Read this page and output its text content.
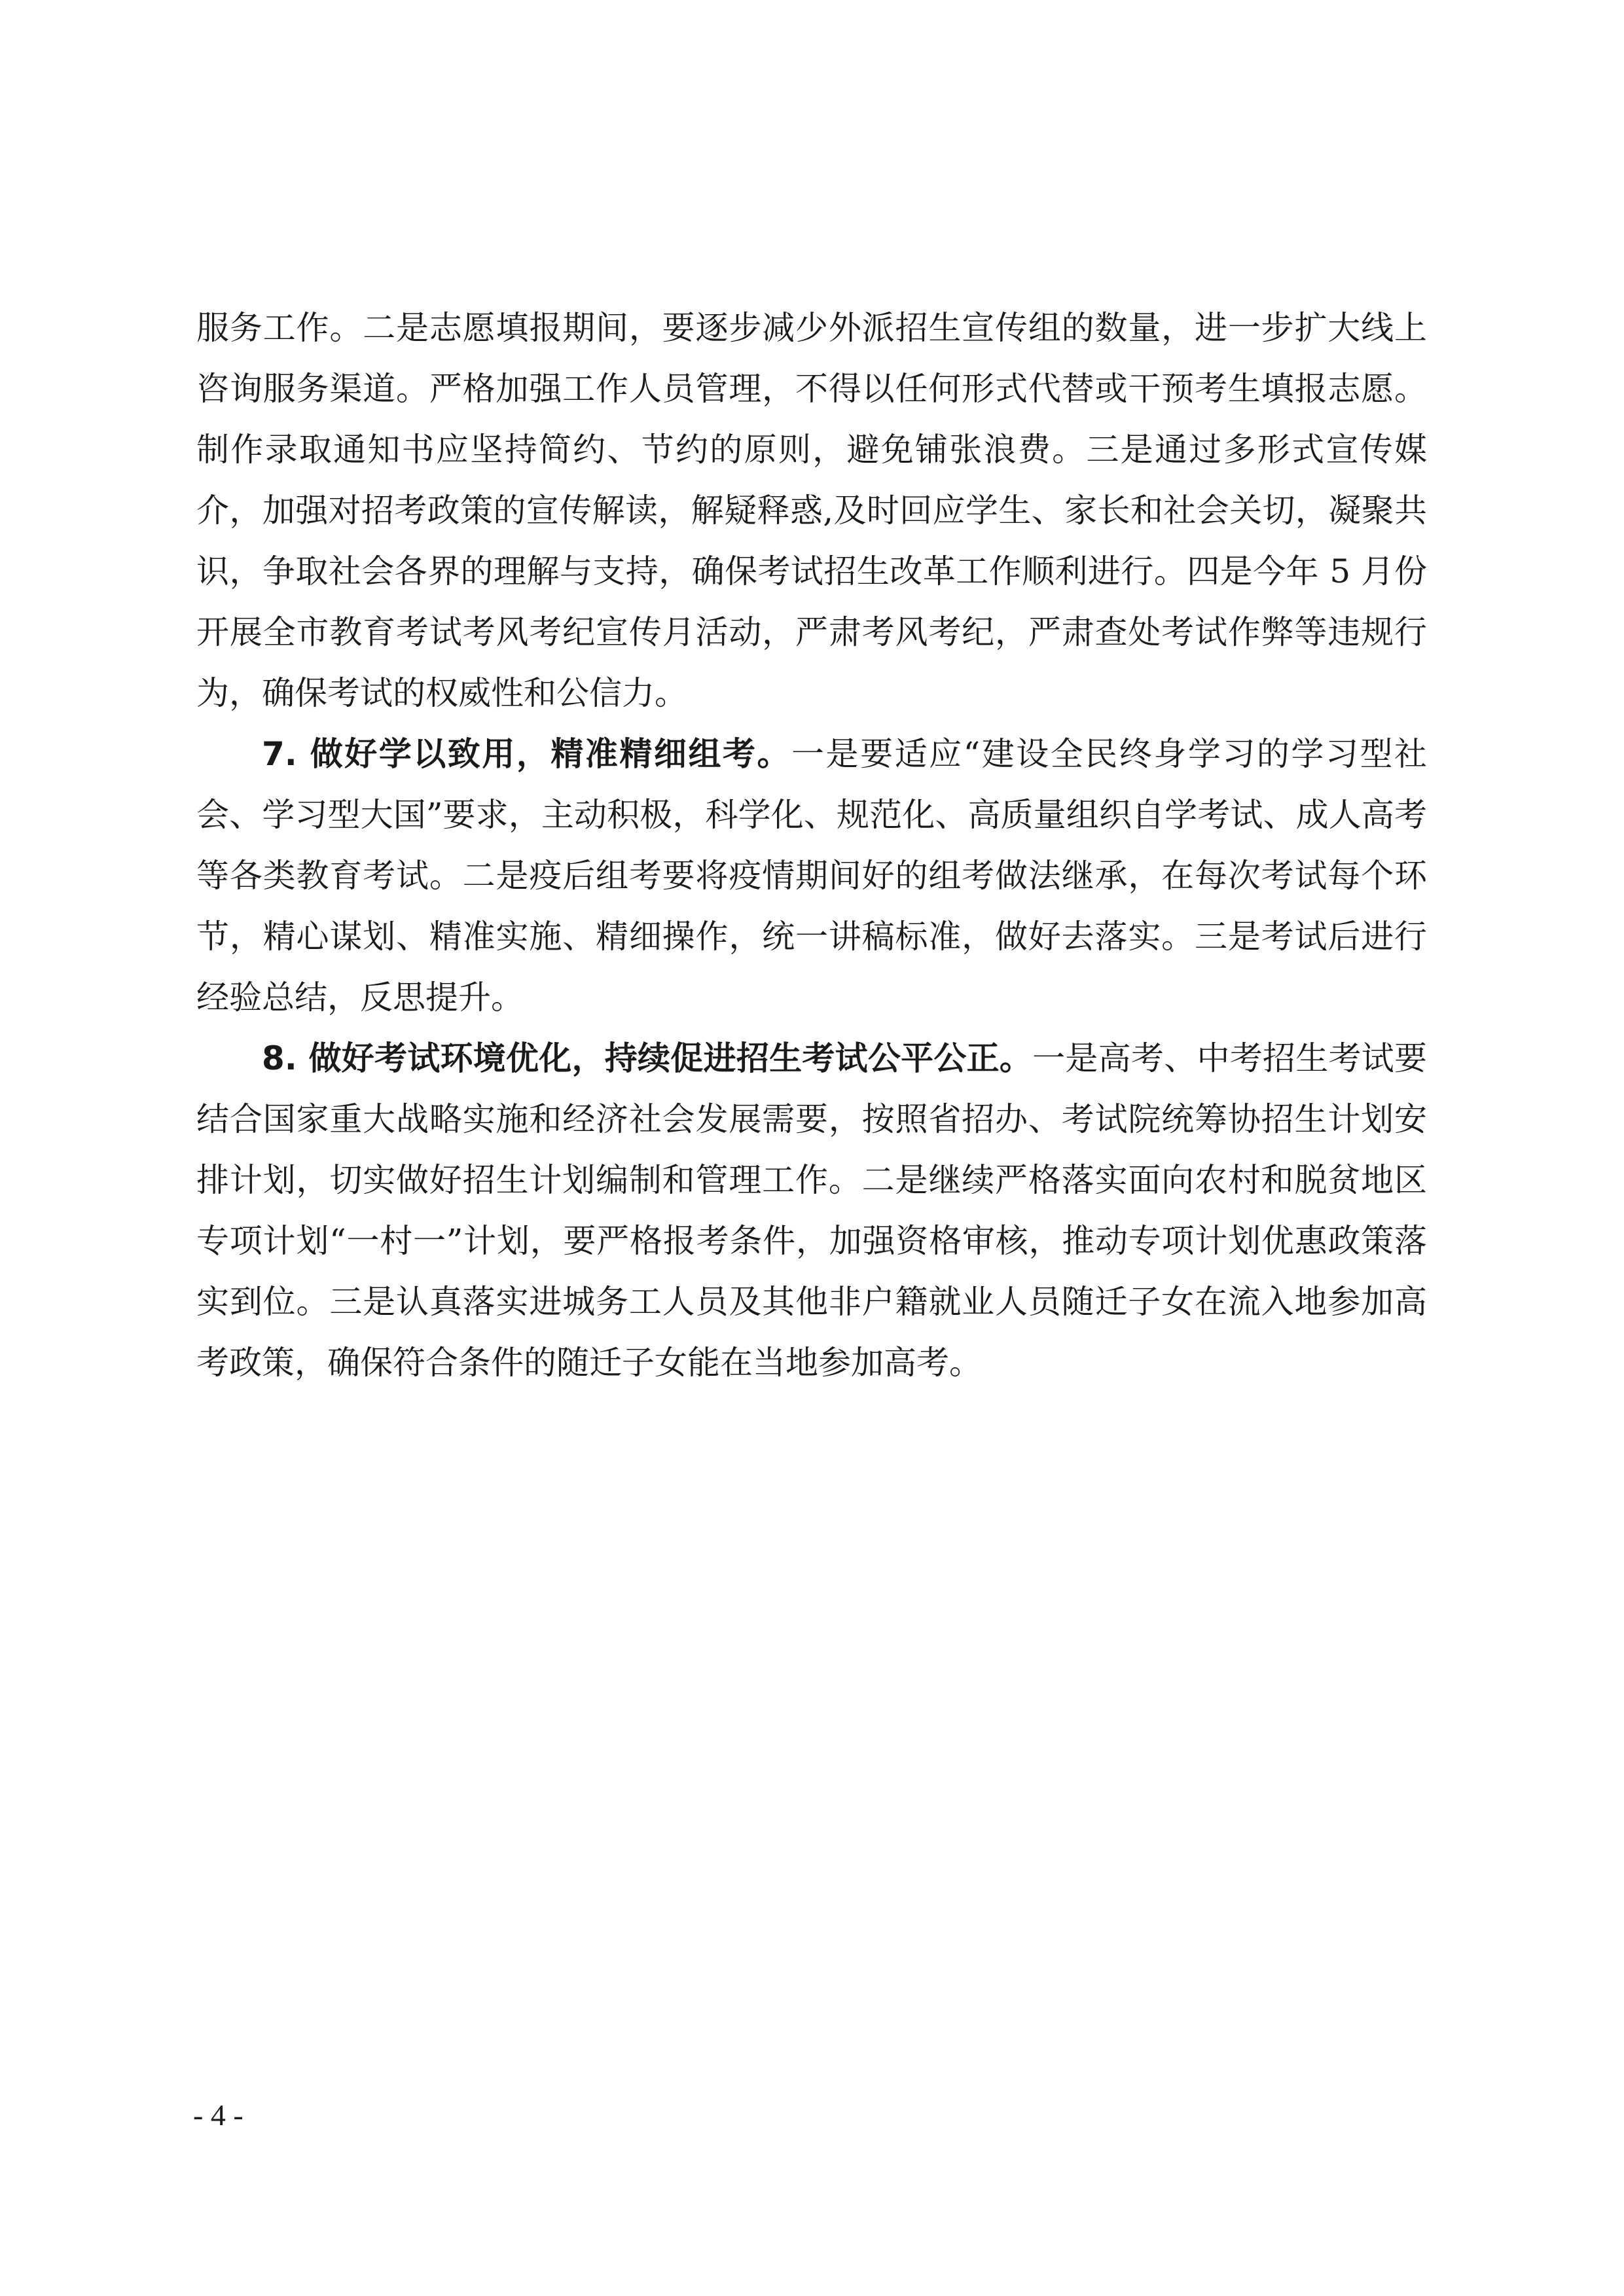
服务工作。二是志愿填报期间，要逐步减少外派招生宣传组的数量，进一步扩大线上咨询服务渠道。严格加强工作人员管理，不得以任何形式代替或干预考生填报志愿。制作录取通知书应坚持简约、节约的原则，避免铺张浪费。三是通过多形式宣传媒介，加强对招考政策的宣传解读，解疑释惑,及时回应学生、家长和社会关切，凝聚共识，争取社会各界的理解与支持，确保考试招生改革工作顺利进行。四是今年 5 月份开展全市教育考试考风考纪宣传月活动，严肃考风考纪，严肃查处考试作弊等违规行为，确保考试的权威性和公信力。

7. 做好学以致用，精准精细组考。一是要适应“建设全民终身学习的学习型社会、学习型大国”要求，主动积极，科学化、规范化、高质量组织自学考试、成人高考等各类教育考试。二是疫后组考要将疫情期间好的组考做法继承，在每次考试每个环节，精心谋划、精准实施、精细操作，统一讲稿标准，做好去落实。三是考试后进行经验总结，反思提升。

8. 做好考试环境优化，持续促进招生考试公平公正。一是高考、中考招生考试要结合国家重大战略实施和经济社会发展需要，按照省招办、考试院统筹协招生计划安排计划，切实做好招生计划编制和管理工作。二是继续严格落实面向农村和脱贫地区专项计划“一村一”计划，要严格报考条件，加强资格审核，推动专项计划优惠政策落实到位。三是认真落实进城务工人员及其他非户籍就业人员随迁子女在流入地参加高考政策，确保符合条件的随迁子女能在当地参加高考。

- 4 -
